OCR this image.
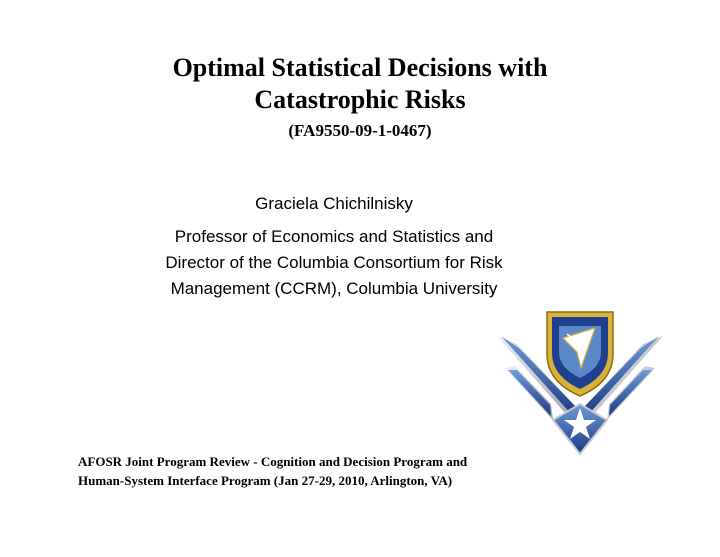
Optimal Statistical Decisions with
Catastrophic Risks
(FA9550-09-1-0467)
Graciela Chichilnisky
Professor of Economics and Statistics and
Director of the Columbia Consortium for Risk
Management (CCRM), Columbia University
AFOSR Joint Program Review - Cognition and Decision Program and
Human-System Interface Program (Jan 27-29, 2010, Arlington, VA)
